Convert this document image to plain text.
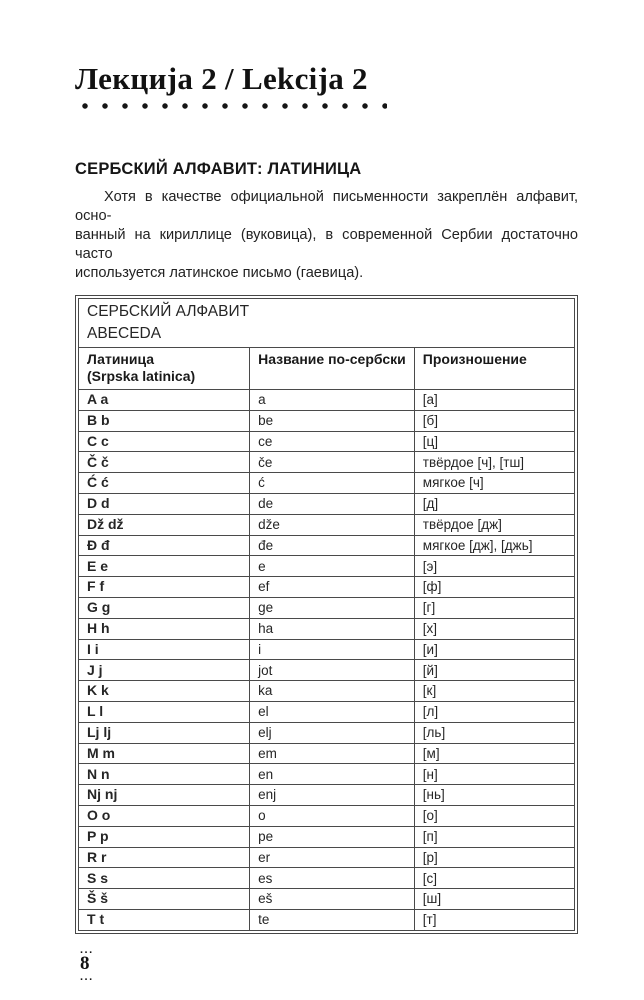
Лекција 2 / Lekcija 2
СЕРБСКИЙ АЛФАВИТ: ЛАТИНИЦА
Хотя в качестве официальной письменности закреплён алфавит, осно-
ванный на кириллице (вуковица), в современной Сербии достаточно часто
используется латинское письмо (гаевица).
СЕРБСКИЙ АЛФАВИТ
ABECEDA		

Латиница
(Srpska latinica)	Название по-сербски	Произношение
A a	a	[а]
B b	be	[б]
C c	ce	[ц]
Č č	če	твёрдое [ч], [тш]
Ć ć	ć	мягкое [ч]
D d	de	[д]
Dž dž	dže	твёрдое [дж]
Đ đ	đe	мягкое [дж], [джь]
E e	e	[э]
F f	ef	[ф]
G g	ge	[г]
H h	ha	[х]
I i	i	[и]
J j	jot	[й]
K k	ka	[к]
L l	el	[л]
Lj lj	elj	[ль]
M m	em	[м]
N n	en	[н]
Nj nj	enj	[нь]
O o	o	[о]
P p	pe	[п]
R r	er	[р]
S s	es	[с]
Š š	eš	[ш]
T t	te	[т]
...
8
...
